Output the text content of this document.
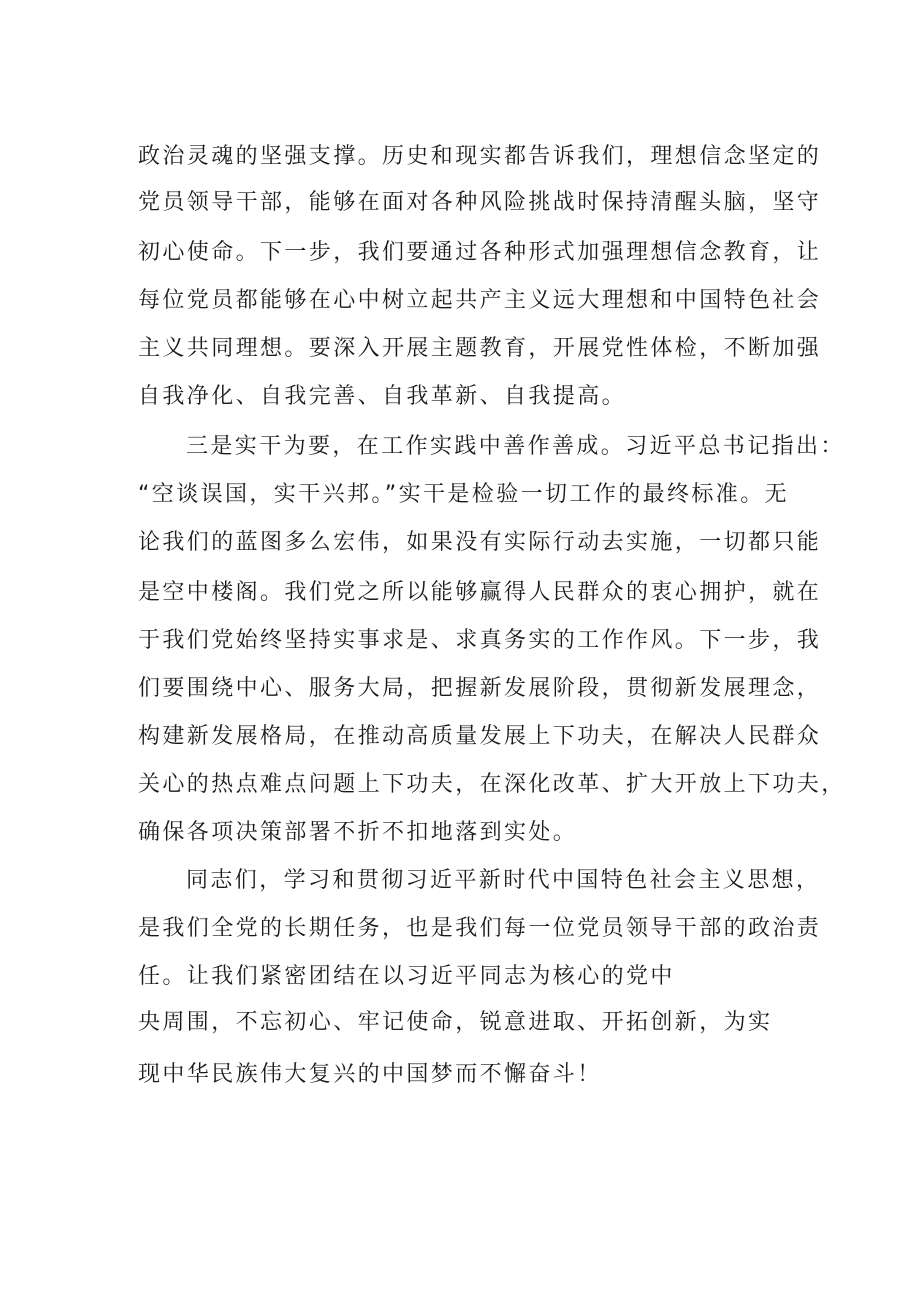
政治灵魂的坚强支撑。历史和现实都告诉我们，理想信念坚定的
党员领导干部，能够在面对各种风险挑战时保持清醒头脑，坚守
初心使命。下一步，我们要通过各种形式加强理想信念教育，让
每位党员都能够在心中树立起共产主义远大理想和中国特色社会
主义共同理想。要深入开展主题教育，开展党性体检，不断加强
自我净化、自我完善、自我革新、自我提高。
三是实干为要，在工作实践中善作善成。习近平总书记指出：
“空谈误国，实干兴邦。”实干是检验一切工作的最终标准。无
论我们的蓝图多么宏伟，如果没有实际行动去实施，一切都只能
是空中楼阁。我们党之所以能够赢得人民群众的衷心拥护，就在
于我们党始终坚持实事求是、求真务实的工作作风。下一步，我
们要围绕中心、服务大局，把握新发展阶段，贯彻新发展理念，
构建新发展格局，在推动高质量发展上下功夫，在解决人民群众
关心的热点难点问题上下功夫，在深化改革、扩大开放上下功夫，
确保各项决策部署不折不扣地落到实处。
同志们，学习和贯彻习近平新时代中国特色社会主义思想，
是我们全党的长期任务，也是我们每一位党员领导干部的政治责
任。让我们紧密团结在以习近平同志为核心的党中
央周围，不忘初心、牢记使命，锐意进取、开拓创新，为实
现中华民族伟大复兴的中国梦而不懈奋斗！
